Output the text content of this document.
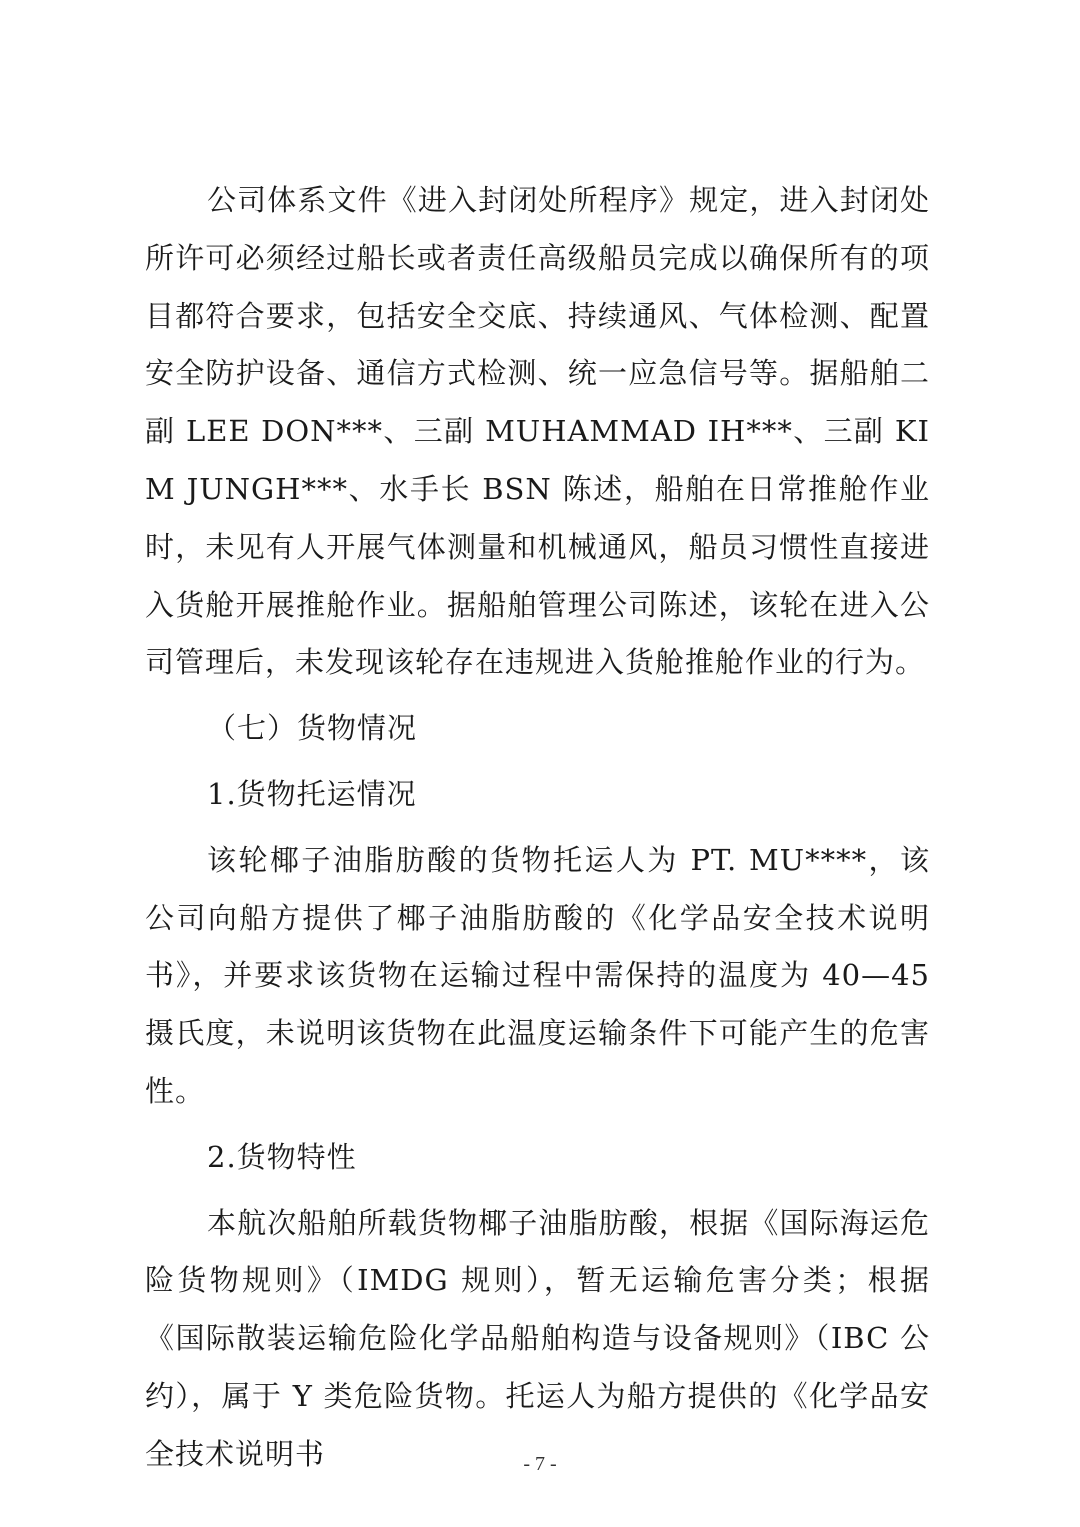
公司体系文件《进入封闭处所程序》规定，进入封闭处所许可必须经过船长或者责任高级船员完成以确保所有的项目都符合要求，包括安全交底、持续通风、气体检测、配置安全防护设备、通信方式检测、统一应急信号等。据船舶二副 LEE DON***、三副 MUHAMMAD IH***、三副 KIM JUNGH***、水手长 BSN 陈述，船舶在日常推舱作业时，未见有人开展气体测量和机械通风，船员习惯性直接进入货舱开展推舱作业。据船舶管理公司陈述，该轮在进入公司管理后，未发现该轮存在违规进入货舱推舱作业的行为。

（七）货物情况

1.货物托运情况

该轮椰子油脂肪酸的货物托运人为 PT. MU****，该公司向船方提供了椰子油脂肪酸的《化学品安全技术说明书》，并要求该货物在运输过程中需保持的温度为 40—45 摄氏度，未说明该货物在此温度运输条件下可能产生的危害性。

2.货物特性

本航次船舶所载货物椰子油脂肪酸，根据《国际海运危险货物规则》（IMDG 规则），暂无运输危害分类；根据《国际散装运输危险化学品船舶构造与设备规则》（IBC 公约），属于 Y 类危险货物。托运人为船方提供的《化学品安全技术说明书	- 7 -
